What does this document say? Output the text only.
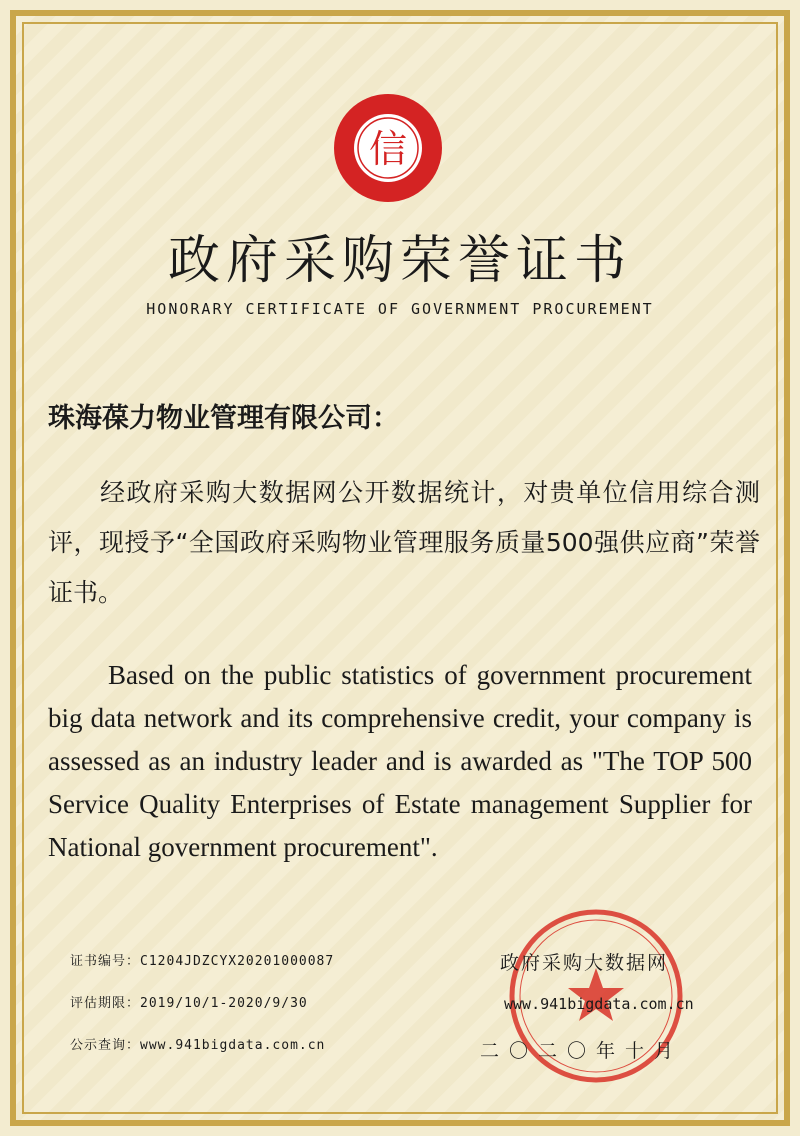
信
政府采购荣誉证书
HONORARY CERTIFICATE OF GOVERNMENT PROCUREMENT
珠海葆力物业管理有限公司：
经政府采购大数据网公开数据统计，对贵单位信用综合测评，现授予“全国政府采购物业管理服务质量500强供应商”荣誉证书。
Based on the public statistics of government procurement big data network and its comprehensive credit, your company is assessed as an industry leader and is awarded as "The TOP 500 Service Quality Enterprises of Estate management Supplier for National government procurement".
证书编号：C1204JDZCYX20201000087
评估期限：2019/10/1-2020/9/30
公示查询：www.941bigdata.com.cn
政府采购大数据网
www.941bigdata.com.cn
二〇二〇年十月
